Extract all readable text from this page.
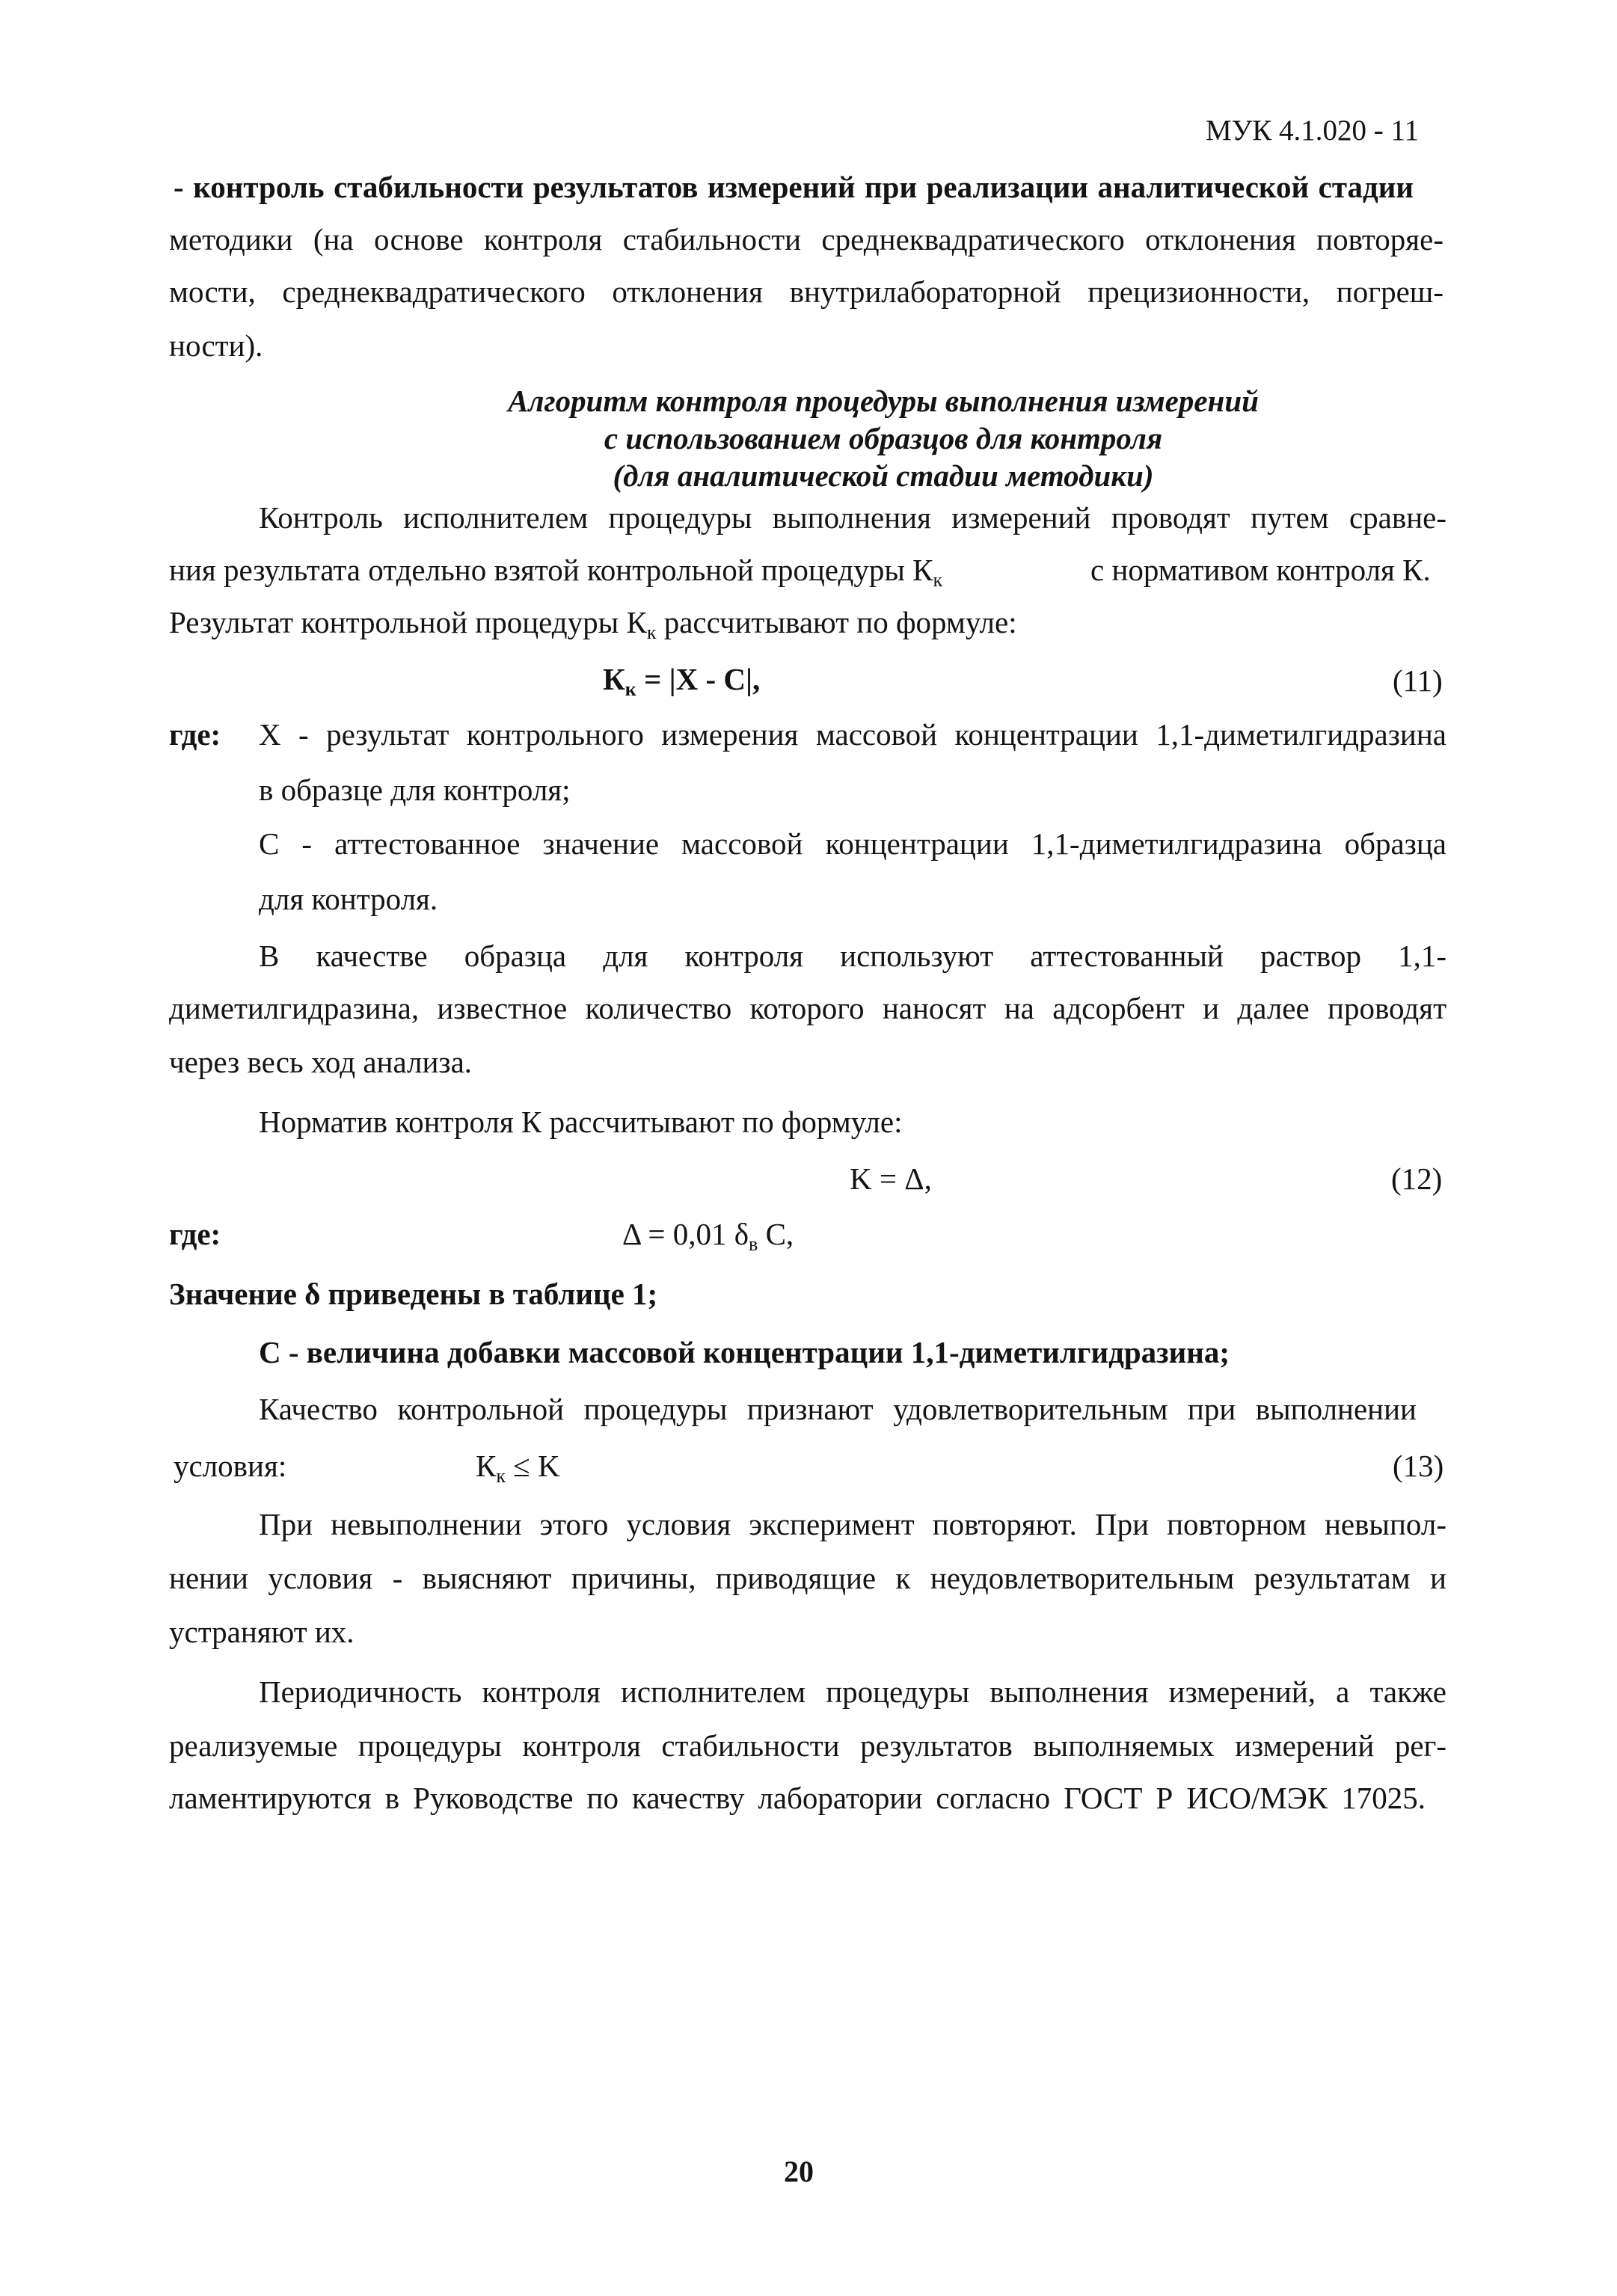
МУК 4.1.020 - 11
- контроль стабильности результатов измерений при реализации аналитической стадии
методики (на основе контроля стабильности среднеквадратического отклонения повторяе-
мости, среднеквадратического отклонения внутрилабораторной прецизионности, погреш-
ности).
Алгоритм контроля процедуры выполнения измерений
с использованием образцов для контроля
(для аналитической стадии методики)
Контроль исполнителем процедуры выполнения измерений проводят путем сравне-
ния результата отдельно взятой контрольной процедуры $К_к$	с нормативом контроля К.
Результат контрольной процедуры $К_к$ рассчитывают по формуле:
$К_к = |X - C|$,	(11)
где: X - результат контрольного измерения массовой концентрации 1,1-диметилгидразина
в образце для контроля;
С - аттестованное значение массовой концентрации 1,1-диметилгидразина образца
для контроля.
В качестве образца для контроля используют аттестованный раствор 1,1-
диметилгидразина, известное количество которого наносят на адсорбент и далее проводят
через весь ход анализа.
Норматив контроля К рассчитывают по формуле:
K = Δ,	(12)
где:	Δ = 0,01 $\delta_в$ C,
Значение δ приведены в таблице 1;
С - величина добавки массовой концентрации 1,1-диметилгидразина;
Качество контрольной процедуры признают удовлетворительным при выполнении
условия:	$К_к \le K$	(13)
При невыполнении этого условия эксперимент повторяют. При повторном невыпол-
нении условия - выясняют причины, приводящие к неудовлетворительным результатам и
устраняют их.
Периодичность контроля исполнителем процедуры выполнения измерений, а также
реализуемые процедуры контроля стабильности результатов выполняемых измерений рег-
ламентируются в Руководстве по качеству лаборатории согласно ГОСТ Р ИСО/МЭК 17025.
20
